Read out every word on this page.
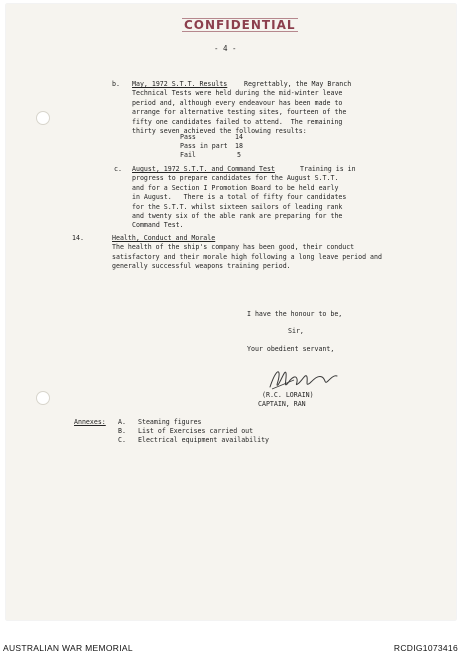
CONFIDENTIAL
- 4 -
b. May, 1972 S.T.T. Results	Regrettably, the May Branch
Technical Tests were held during the mid-winter leave
period and, although every endeavour has been made to
arrange for alternative testing sites, fourteen of the
fifty one candidates failed to attend.  The remaining
thirty seven achieved the following results:
Pass	14
Pass in part 18
Fail	5
c. August, 1972 S.T.T. and Command Test	Training is in
progress to prepare candidates for the August S.T.T.
and for a Section I Promotion Board to be held early
in August.   There is a total of fifty four candidates
for the S.T.T. whilst sixteen sailors of leading rank
and twenty six of the able rank are preparing for the
Command Test.
14.	Health, Conduct and Morale
The health of the ship's company has been good, their conduct
satisfactory and their morale high following a long leave period and
generally successful weapons training period.
I have the honour to be,
Sir,
Your obedient servant,
(R.C. LORAIN)
CAPTAIN, RAN
Annexes: A. Steaming figures
B. List of Exercises carried out
C. Electrical equipment availability
AUSTRALIAN WAR MEMORIAL	RCDIG1073416
